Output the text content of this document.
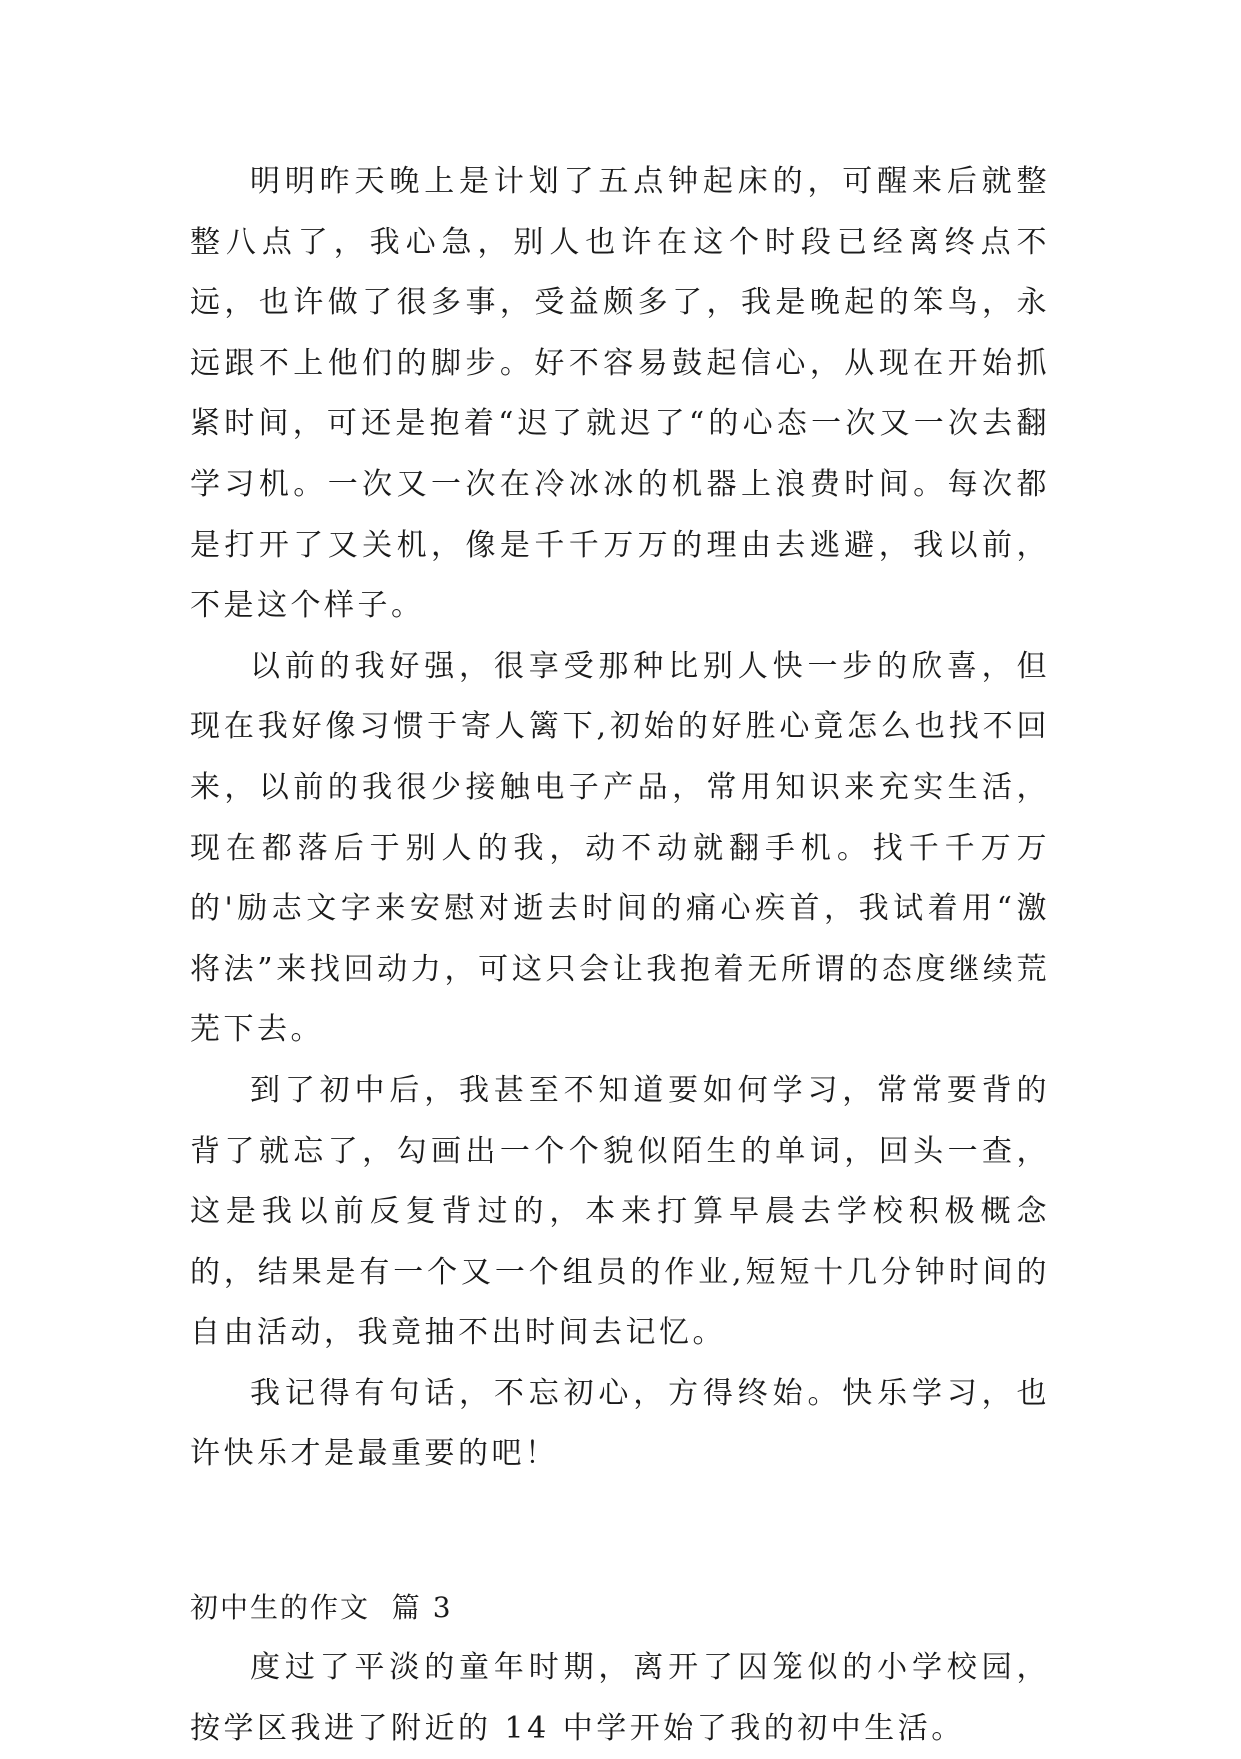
明明昨天晚上是计划了五点钟起床的，可醒来后就整整八点了，我心急，别人也许在这个时段已经离终点不远，也许做了很多事，受益颇多了，我是晚起的笨鸟，永远跟不上他们的脚步。好不容易鼓起信心，从现在开始抓紧时间，可还是抱着“迟了就迟了“的心态一次又一次去翻学习机。一次又一次在冷冰冰的机器上浪费时间。每次都是打开了又关机，像是千千万万的理由去逃避，我以前，不是这个样子。

以前的我好强，很享受那种比别人快一步的欣喜，但现在我好像习惯于寄人篱下,初始的好胜心竟怎么也找不回来，以前的我很少接触电子产品，常用知识来充实生活，现在都落后于别人的我，动不动就翻手机。找千千万万的'励志文字来安慰对逝去时间的痛心疾首，我试着用“激将法”来找回动力，可这只会让我抱着无所谓的态度继续荒芜下去。

到了初中后，我甚至不知道要如何学习，常常要背的背了就忘了，勾画出一个个貌似陌生的单词，回头一查，这是我以前反复背过的，本来打算早晨去学校积极概念的，结果是有一个又一个组员的作业,短短十几分钟时间的自由活动，我竟抽不出时间去记忆。

我记得有句话，不忘初心，方得终始。快乐学习，也许快乐才是最重要的吧！

初中生的作文  篇 3

度过了平淡的童年时期，离开了囚笼似的小学校园，按学区我进了附近的 14 中学开始了我的初中生活。
